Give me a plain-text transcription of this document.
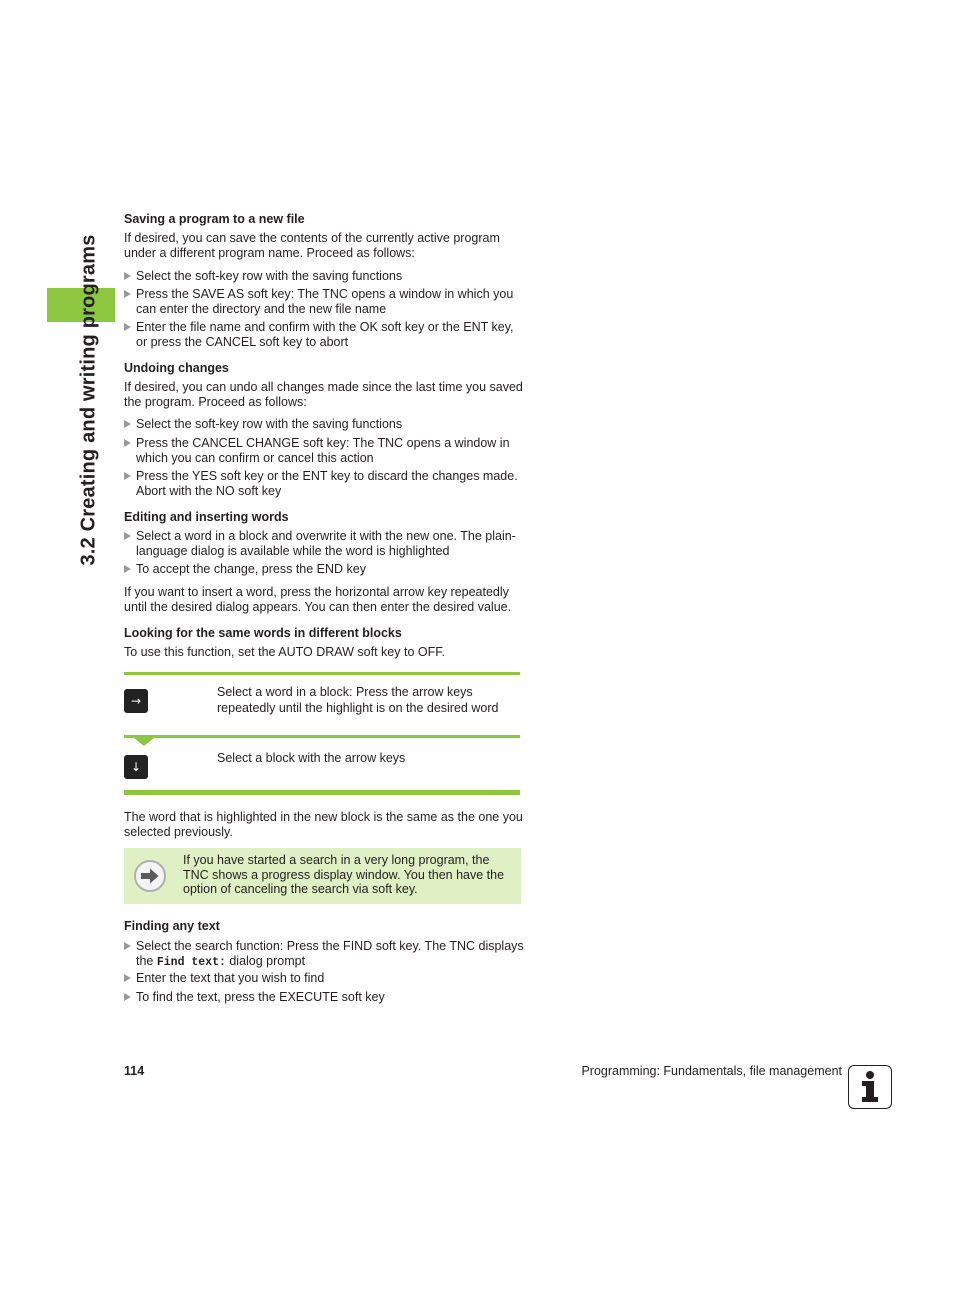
3.2 Creating and writing programs
Saving a program to a new file
If desired, you can save the contents of the currently active program under a different program name. Proceed as follows:
Select the soft-key row with the saving functions
Press the SAVE AS soft key: The TNC opens a window in which you can enter the directory and the new file name
Enter the file name and confirm with the OK soft key or the ENT key, or press the CANCEL soft key to abort
Undoing changes
If desired, you can undo all changes made since the last time you saved the program. Proceed as follows:
Select the soft-key row with the saving functions
Press the CANCEL CHANGE soft key: The TNC opens a window in which you can confirm or cancel this action
Press the YES soft key or the ENT key to discard the changes made. Abort with the NO soft key
Editing and inserting words
Select a word in a block and overwrite it with the new one. The plain-language dialog is available while the word is highlighted
To accept the change, press the END key
If you want to insert a word, press the horizontal arrow key repeatedly until the desired dialog appears. You can then enter the desired value.
Looking for the same words in different blocks
To use this function, set the AUTO DRAW soft key to OFF.
→
Select a word in a block: Press the arrow keys repeatedly until the highlight is on the desired word
↓
Select a block with the arrow keys
The word that is highlighted in the new block is the same as the one you selected previously.
If you have started a search in a very long program, the TNC shows a progress display window. You then have the option of canceling the search via soft key.
Finding any text
Select the search function: Press the FIND soft key. The TNC displays the Find text: dialog prompt
Enter the text that you wish to find
To find the text, press the EXECUTE soft key
114	Programming: Fundamentals, file management
